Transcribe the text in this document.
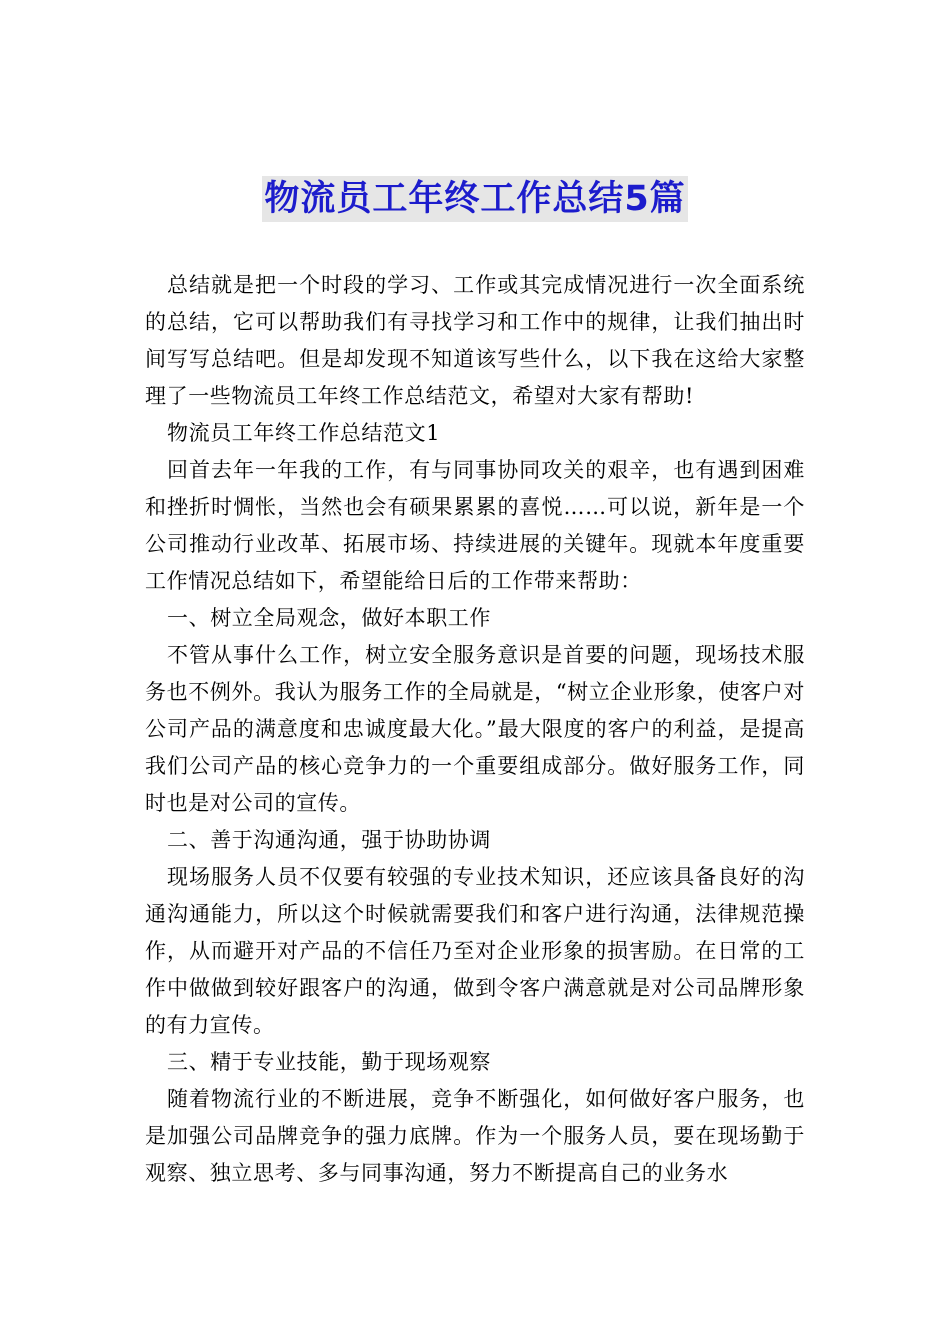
物流员工年终工作总结5篇

总结就是把一个时段的学习、工作或其完成情况进行一次全面系统的总结，它可以帮助我们有寻找学习和工作中的规律，让我们抽出时间写写总结吧。但是却发现不知道该写些什么，以下我在这给大家整理了一些物流员工年终工作总结范文，希望对大家有帮助!

物流员工年终工作总结范文1

回首去年一年我的工作，有与同事协同攻关的艰辛，也有遇到困难和挫折时惆怅，当然也会有硕果累累的喜悦……可以说，新年是一个公司推动行业改革、拓展市场、持续进展的关键年。现就本年度重要工作情况总结如下，希望能给日后的工作带来帮助：

一、树立全局观念，做好本职工作

不管从事什么工作，树立安全服务意识是首要的问题，现场技术服务也不例外。我认为服务工作的全局就是，“树立企业形象，使客户对公司产品的满意度和忠诚度最大化。”最大限度的客户的利益，是提高我们公司产品的核心竞争力的一个重要组成部分。做好服务工作，同时也是对公司的宣传。

二、善于沟通沟通，强于协助协调

现场服务人员不仅要有较强的专业技术知识，还应该具备良好的沟通沟通能力，所以这个时候就需要我们和客户进行沟通，法律规范操作，从而避开对产品的不信任乃至对企业形象的损害励。在日常的工作中做做到较好跟客户的沟通，做到令客户满意就是对公司品牌形象的有力宣传。

三、精于专业技能，勤于现场观察

随着物流行业的不断进展，竞争不断强化，如何做好客户服务，也是加强公司品牌竞争的强力底牌。作为一个服务人员，要在现场勤于观察、独立思考、多与同事沟通，努力不断提高自己的业务水
